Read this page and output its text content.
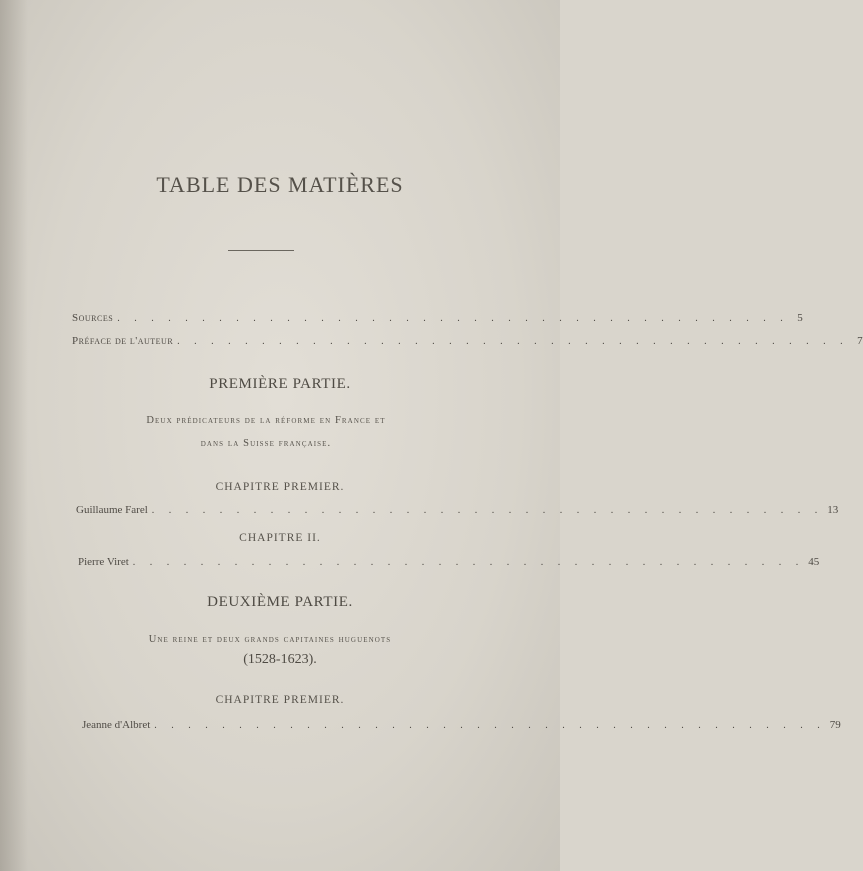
TABLE DES MATIÈRES
Sources . . . . . . . . . . . . . . . . . . . . . . . . . . . . . . . . . . . . . . . . 5
Préface de l'auteur . . . . . . . . . . . . . . . . . . . . . . . . . . . . . . . . . . . . . . . . 7
PREMIÈRE PARTIE.
Deux prédicateurs de la réforme en France et
dans la Suisse française.
CHAPITRE PREMIER.
Guillaume Farel . . . . . . . . . . . . . . . . . . . . . . . . . . . . . . . . . . . . . . . . 13
CHAPITRE II.
Pierre Viret . . . . . . . . . . . . . . . . . . . . . . . . . . . . . . . . . . . . . . . . 45
DEUXIÈME PARTIE.
Une reine et deux grands capitaines huguenots
(1528-1623).
CHAPITRE PREMIER.
Jeanne d'Albret . . . . . . . . . . . . . . . . . . . . . . . . . . . . . . . . . . . . . . . . 79
